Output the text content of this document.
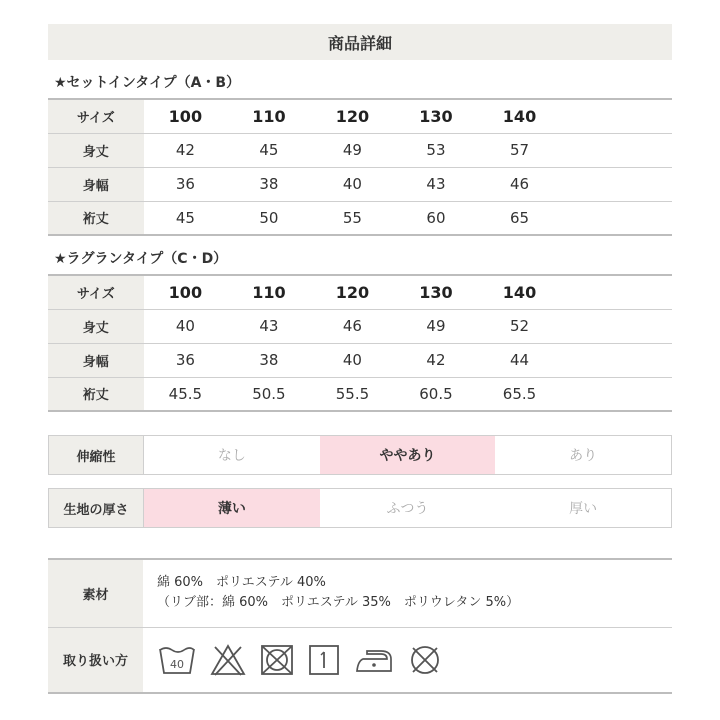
商品詳細
★セットインタイプ（A・B）
サイズ	100	110	120	130	140	
身丈	42	45	49	53	57	
身幅	36	38	40	43	46	
裄丈	45	50	55	60	65	
★ラグランタイプ（C・D）
サイズ	100	110	120	130	140	
身丈	40	43	46	49	52	
身幅	36	38	40	42	44	
裄丈	45.5	50.5	55.5	60.5	65.5	
伸縮性	なし	ややあり	あり
生地の厚さ	薄い	ふつう	厚い
素材	綿 60%　ポリエステル 40%
（リブ部：綿 60%　ポリエステル 35%　ポリウレタン 5%）

取り扱い方	40
